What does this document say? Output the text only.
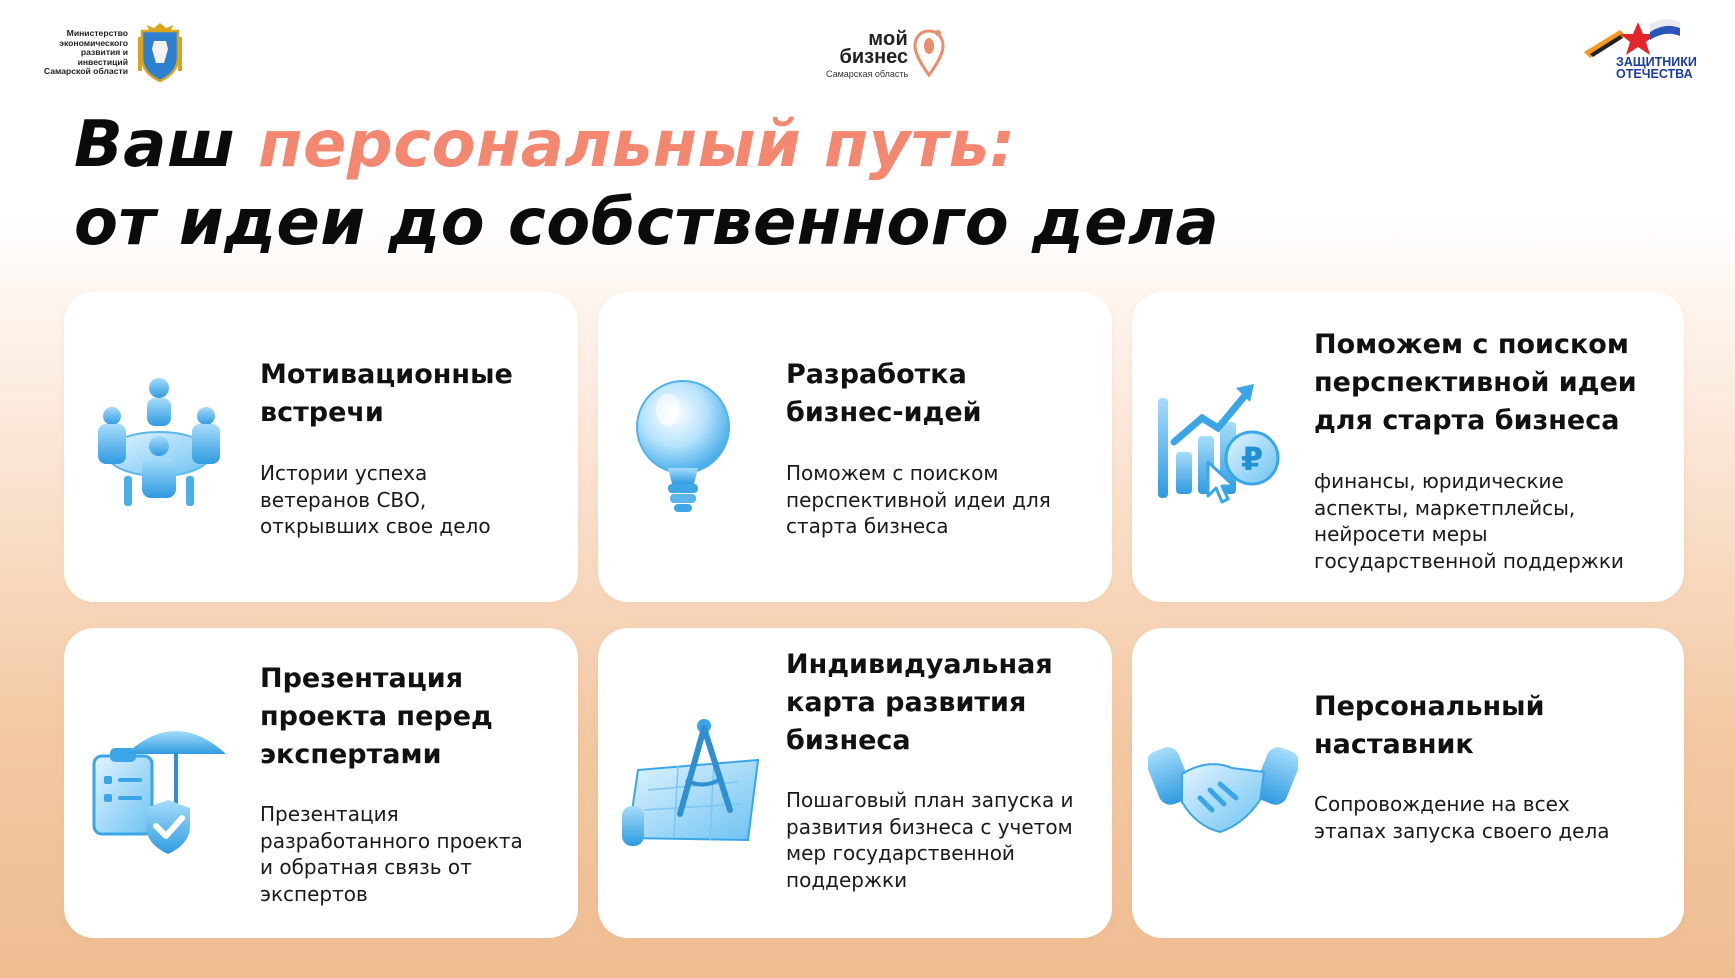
Министерство экономического развития и инвестиций Самарской области
мой
бизнес
Самарская область
ЗАЩИТНИКИ
ОТЕЧЕСТВА
Ваш персональный путь:
от идеи до собственного дела
Мотивационные встречи

Истории успеха ветеранов СВО, открывших свое дело

Разработка бизнес-идей

Поможем с поиском перспективной идеи для старта бизнеса

₽
Поможем с поиском перспективной идеи для старта бизнеса

финансы, юридические аспекты, маркетплейсы, нейросети меры государственной поддержки

Презентация проекта перед экспертами

Презентация разработанного проекта и обратная связь от экспертов

Индивидуальная карта развития бизнеса

Пошаговый план запуска и развития бизнеса с учетом мер государственной поддержки

Персональный наставник

Сопровождение на всех этапах запуска своего дела
